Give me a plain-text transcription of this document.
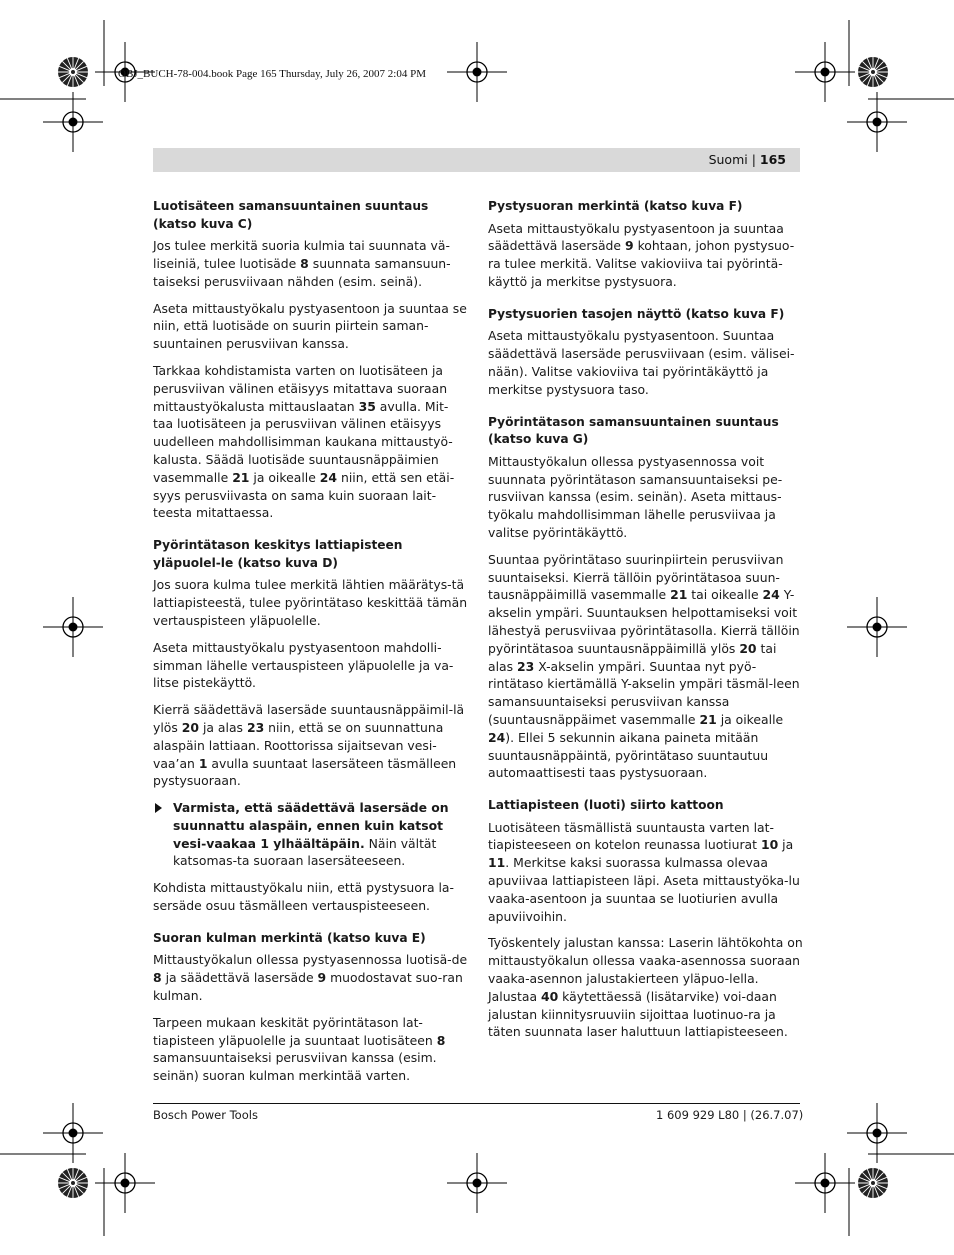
OBJ_BUCH-78-004.book Page 165 Thursday, July 26, 2007 2:04 PM
Suomi | 165
Luotisäteen samansuuntainen suuntaus (katso kuva C)
Jos tulee merkitä suoria kulmia tai suunnata vä-liseiniä, tulee luotisäde 8 suunnata samansuun-taiseksi perusviivaan nähden (esim. seinä).
Aseta mittaustyökalu pystyasentoon ja suuntaa se niin, että luotisäde on suurin piirtein saman-suuntainen perusviivan kanssa.
Tarkkaa kohdistamista varten on luotisäteen ja perusviivan välinen etäisyys mitattava suoraan mittaustyökalusta mittauslaatan 35 avulla. Mit-taa luotisäteen ja perusviivan välinen etäisyys uudelleen mahdollisimman kaukana mittaustyö-kalusta. Säädä luotisäde suuntausnäppäimien vasemmalle 21 ja oikealle 24 niin, että sen etäi-syys perusviivasta on sama kuin suoraan lait-teesta mitattaessa.
Pyörintätason keskitys lattiapisteen yläpuolel-le (katso kuva D)
Jos suora kulma tulee merkitä lähtien määrätys-tä lattiapisteestä, tulee pyörintätaso keskittää tämän vertauspisteen yläpuolelle.
Aseta mittaustyökalu pystyasentoon mahdolli-simman lähelle vertauspisteen yläpuolelle ja va-litse pistekäyttö.
Kierrä säädettävä lasersäde suuntausnäppäimil-lä ylös 20 ja alas 23 niin, että se on suunnattuna alaspäin lattiaan. Roottorissa sijaitsevan vesi-vaa’an 1 avulla suuntaat lasersäteen täsmälleen pystysuoraan.
Varmista, että säädettävä lasersäde on suunnattu alaspäin, ennen kuin katsot vesi-vaakaa 1 ylhäältäpäin. Näin vältät katsomas-ta suoraan lasersäteeseen.
Kohdista mittaustyökalu niin, että pystysuora la-sersäde osuu täsmälleen vertauspisteeseen.
Suoran kulman merkintä (katso kuva E)
Mittaustyökalun ollessa pystyasennossa luotisä-de 8 ja säädettävä lasersäde 9 muodostavat suo-ran kulman.
Tarpeen mukaan keskität pyörintätason lat-tiapisteen yläpuolelle ja suuntaat luotisäteen 8 samansuuntaiseksi perusviivan kanssa (esim. seinän) suoran kulman merkintää varten.
Pystysuoran merkintä (katso kuva F)
Aseta mittaustyökalu pystyasentoon ja suuntaa säädettävä lasersäde 9 kohtaan, johon pystysuo-ra tulee merkitä. Valitse vakioviiva tai pyörintä-käyttö ja merkitse pystysuora.
Pystysuorien tasojen näyttö (katso kuva F)
Aseta mittaustyökalu pystyasentoon. Suuntaa säädettävä lasersäde perusviivaan (esim. välisei-nään). Valitse vakioviiva tai pyörintäkäyttö ja merkitse pystysuora taso.
Pyörintätason samansuuntainen suuntaus (katso kuva G)
Mittaustyökalun ollessa pystyasennossa voit suunnata pyörintätason samansuuntaiseksi pe-rusviivan kanssa (esim. seinän). Aseta mittaus-työkalu mahdollisimman lähelle perusviivaa ja valitse pyörintäkäyttö.
Suuntaa pyörintätaso suurinpiirtein perusviivan suuntaiseksi. Kierrä tällöin pyörintätasoa suun-tausnäppäimillä vasemmalle 21 tai oikealle 24 Y-akselin ympäri. Suuntauksen helpottamiseksi voit lähestyä perusviivaa pyörintätasolla. Kierrä tällöin pyörintätasoa suuntausnäppäimillä ylös 20 tai alas 23 X-akselin ympäri. Suuntaa nyt pyö-rintätaso kiertämällä Y-akselin ympäri täsmäl-leen samansuuntaiseksi perusviivan kanssa (suuntausnäppäimet vasemmalle 21 ja oikealle 24). Ellei 5 sekunnin aikana paineta mitään suuntausnäppäintä, pyörintätaso suuntautuu automaattisesti taas pystysuoraan.
Lattiapisteen (luoti) siirto kattoon
Luotisäteen täsmällistä suuntausta varten lat-tiapisteeseen on kotelon reunassa luotiurat 10 ja 11. Merkitse kaksi suorassa kulmassa olevaa apuviivaa lattiapisteen läpi. Aseta mittaustyöka-lu vaaka-asentoon ja suuntaa se luotiurien avulla apuviivoihin.
Työskentely jalustan kanssa: Laserin lähtökohta on mittaustyökalun ollessa vaaka-asennossa suoraan vaaka-asennon jalustakierteen yläpuo-lella. Jalustaa 40 käytettäessä (lisätarvike) voi-daan jalustan kiinnitysruuviin sijoittaa luotinuo-ra ja täten suunnata laser haluttuun lattiapisteeseen.
Bosch Power Tools	1 609 929 L80 | (26.7.07)
